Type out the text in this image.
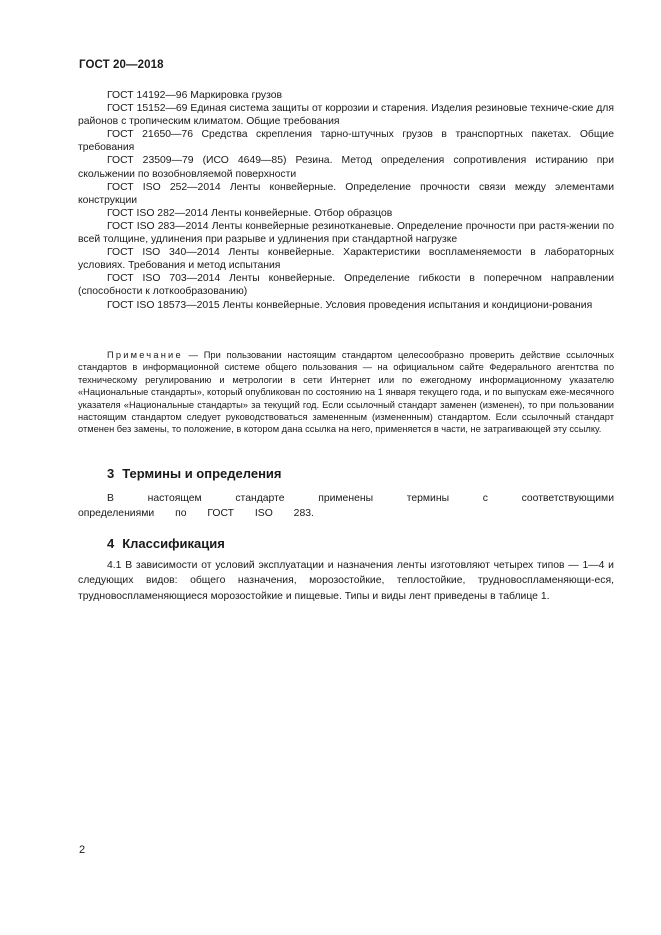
ГОСТ 20—2018

ГОСТ 14192—96 Маркировка грузов

ГОСТ 15152—69 Единая система защиты от коррозии и старения. Изделия резиновые техниче-ские для районов с тропическим климатом. Общие требования

ГОСТ 21650—76 Средства скрепления тарно-штучных грузов в транспортных пакетах. Общие требования

ГОСТ 23509—79 (ИСО 4649—85) Резина. Метод определения сопротивления истиранию при скольжении по возобновляемой поверхности

ГОСТ ISO 252—2014 Ленты конвейерные. Определение прочности связи между элементами конструкции

ГОСТ ISO 282—2014 Ленты конвейерные. Отбор образцов

ГОСТ ISO 283—2014 Ленты конвейерные резинотканевые. Определение прочности при растя-жении по всей толщине, удлинения при разрыве и удлинения при стандартной нагрузке

ГОСТ ISO 340—2014 Ленты конвейерные. Характеристики воспламеняемости в лабораторных условиях. Требования и метод испытания

ГОСТ ISO 703—2014 Ленты конвейерные. Определение гибкости в поперечном направлении (способности к лоткообразованию)

ГОСТ ISO 18573—2015 Ленты конвейерные. Условия проведения испытания и кондициони-рования

Примечание — При пользовании настоящим стандартом целесообразно проверить действие ссылочных стандартов в информационной системе общего пользования — на официальном сайте Федерального агентства по техническому регулированию и метрологии в сети Интернет или по ежегодному информационному указателю «Национальные стандарты», который опубликован по состоянию на 1 января текущего года, и по выпускам еже-месячного указателя «Национальные стандарты» за текущий год. Если ссылочный стандарт заменен (изменен), то при пользовании настоящим стандартом следует руководствоваться замененным (измененным) стандартом. Если ссылочный стандарт отменен без замены, то положение, в котором дана ссылка на него, применяется в части, не затрагивающей эту ссылку.

3 Термины и определения

В настоящем стандарте применены термины с соответствующими определениями по ГОСТ ISO 283.

4 Классификация

4.1 В зависимости от условий эксплуатации и назначения ленты изготовляют четырех типов — 1—4 и следующих видов: общего назначения, морозостойкие, теплостойкие, трудновоспламеняющи-еся, трудновоспламеняющиеся морозостойкие и пищевые. Типы и виды лент приведены в таблице 1.

2
